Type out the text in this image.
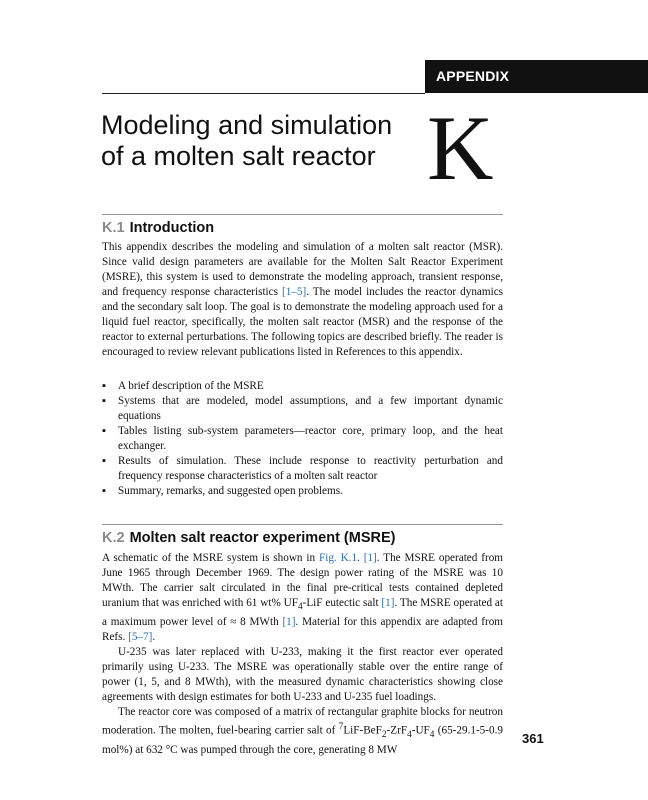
APPENDIX
Modeling and simulation
of a molten salt reactor K
K.1 Introduction

This appendix describes the modeling and simulation of a molten salt reactor (MSR). Since valid design parameters are available for the Molten Salt Reactor Experiment (MSRE), this system is used to demonstrate the modeling approach, transient response, and frequency response characteristics [1–5]. The model includes the reactor dynamics and the secondary salt loop. The goal is to demonstrate the modeling approach used for a liquid fuel reactor, specifically, the molten salt reactor (MSR) and the response of the reactor to external perturbations. The following topics are described briefly. The reader is encouraged to review relevant publications listed in References to this appendix.

▪ A brief description of the MSRE
▪ Systems that are modeled, model assumptions, and a few important dynamic equations
▪ Tables listing sub-system parameters—reactor core, primary loop, and the heat exchanger.
▪ Results of simulation. These include response to reactivity perturbation and frequency response characteristics of a molten salt reactor
▪ Summary, remarks, and suggested open problems.
K.2 Molten salt reactor experiment (MSRE)

A schematic of the MSRE system is shown in Fig. K.1. [1]. The MSRE operated from June 1965 through December 1969. The design power rating of the MSRE was 10 MWth. The carrier salt circulated in the final pre-critical tests contained depleted uranium that was enriched with 61 wt% $UF_4$-LiF eutectic salt [1]. The MSRE operated at a maximum power level of ≈ 8 MWth [1]. Material for this appendix are adapted from Refs. [5–7].

U-235 was later replaced with U-233, making it the first reactor ever operated primarily using U-233. The MSRE was operationally stable over the entire range of power (1, 5, and 8 MWth), with the measured dynamic characteristics showing close agreements with design estimates for both U-233 and U-235 fuel loadings.

The reactor core was composed of a matrix of rectangular graphite blocks for neutron moderation. The molten, fuel-bearing carrier salt of $^7LiF-BeF_2-ZrF_4-UF_4$ (65-29.1-5-0.9 mol%) at 632 °C was pumped through the core, generating 8 MW

361
